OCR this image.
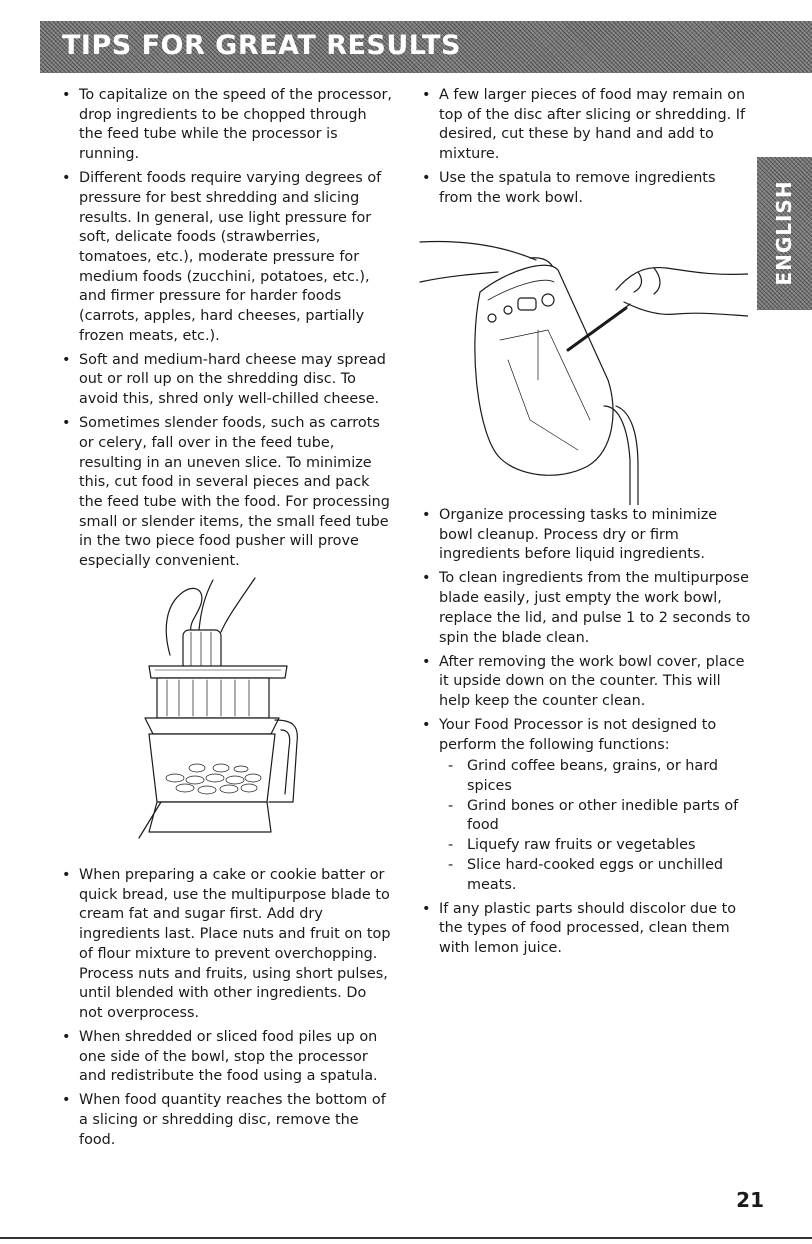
TIPS FOR GREAT RESULTS
ENGLISH
• To capitalize on the speed of the processor, drop ingredients to be chopped through the feed tube while the processor is running.
• Different foods require varying degrees of pressure for best shredding and slicing results. In general, use light pressure for soft, delicate foods (strawberries, tomatoes, etc.), moderate pressure for medium foods (zucchini, potatoes, etc.), and firmer pressure for harder foods (carrots, apples, hard cheeses, partially frozen meats, etc.).
• Soft and medium-hard cheese may spread out or roll up on the shredding disc. To avoid this, shred only well-chilled cheese.
• Sometimes slender foods, such as carrots or celery, fall over in the feed tube, resulting in an uneven slice. To minimize this, cut food in several pieces and pack the feed tube with the food. For processing small or slender items, the small feed tube in the two piece food pusher will prove especially convenient.
• When preparing a cake or cookie batter or quick bread, use the multipurpose blade to cream fat and sugar first. Add dry ingredients last. Place nuts and fruit on top of flour mixture to prevent overchopping. Process nuts and fruits, using short pulses, until blended with other ingredients. Do not overprocess.
• When shredded or sliced food piles up on one side of the bowl, stop the processor and redistribute the food using a spatula.
• When food quantity reaches the bottom of a slicing or shredding disc, remove the food.
• A few larger pieces of food may remain on top of the disc after slicing or shredding. If desired, cut these by hand and add to mixture.
• Use the spatula to remove ingredients from the work bowl.
• Organize processing tasks to minimize bowl cleanup. Process dry or firm ingredients before liquid ingredients.
• To clean ingredients from the multipurpose blade easily, just empty the work bowl, replace the lid, and pulse 1 to 2 seconds to spin the blade clean.
• After removing the work bowl cover, place it upside down on the counter. This will help keep the counter clean.
• Your Food Processor is not designed to perform the following functions:
- Grind coffee beans, grains, or hard spices
- Grind bones or other inedible parts of food
- Liquefy raw fruits or vegetables
- Slice hard-cooked eggs or unchilled meats.
• If any plastic parts should discolor due to the types of food processed, clean them with lemon juice.
21
